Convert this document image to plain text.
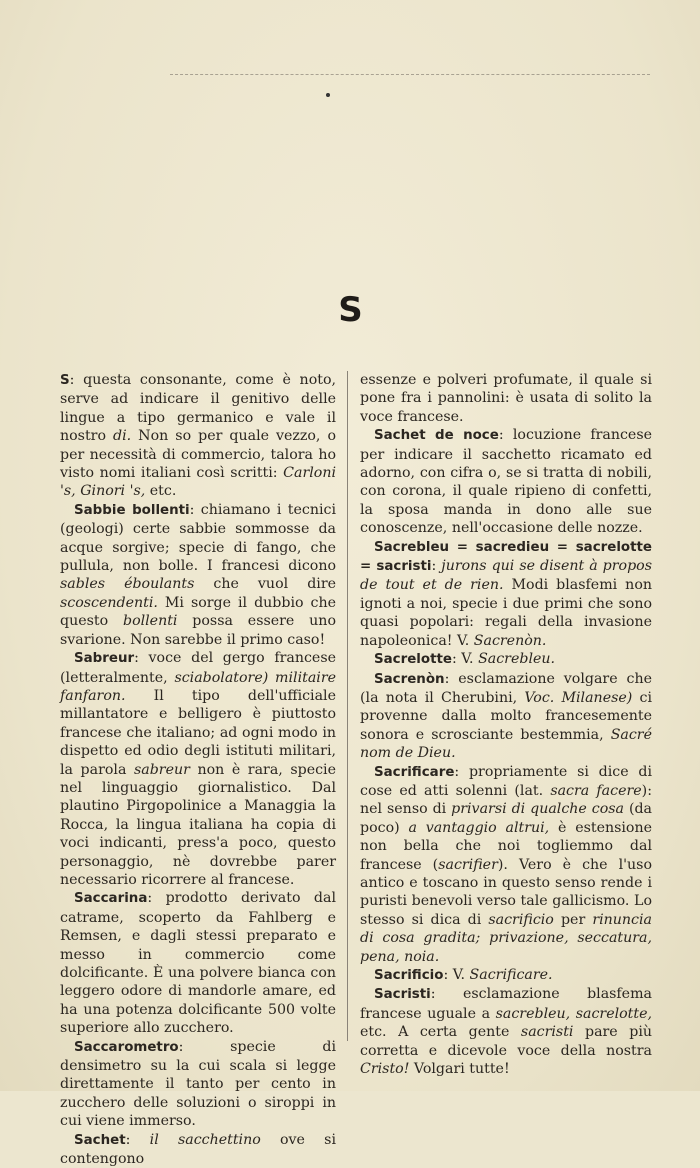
S

S: questa consonante, come è noto, serve ad indicare il genitivo delle lingue a tipo germanico e vale il nostro di. Non so per quale vezzo, o per necessità di commercio, talora ho visto nomi italiani così scritti: Carloni 's, Ginori 's, etc.

Sabbie bollenti: chiamano i tecnici (geologi) certe sabbie sommosse da acque sorgive; specie di fango, che pullula, non bolle. I francesi dicono sables éboulants che vuol dire scoscendenti. Mi sorge il dubbio che questo bollenti possa essere uno svarione. Non sarebbe il primo caso!

Sabreur: voce del gergo francese (letteralmente, sciabolatore) militaire fanfaron. Il tipo dell'ufficiale millantatore e belligero è piuttosto francese che italiano; ad ogni modo in dispetto ed odio degli istituti militari, la parola sabreur non è rara, specie nel linguaggio giornalistico. Dal plautino Pirgopolinice a Managgia la Rocca, la lingua italiana ha copia di voci indicanti, press'a poco, questo personaggio, nè dovrebbe parer necessario ricorrere al francese.

Saccarina: prodotto derivato dal catrame, scoperto da Fahlberg e Remsen, e dagli stessi preparato e messo in commercio come dolcificante. È una polvere bianca con leggero odore di mandorle amare, ed ha una potenza dolcificante 500 volte superiore allo zucchero.

Saccarometro: specie di densimetro su la cui scala si legge direttamente il tanto per cento in zucchero delle soluzioni o siroppi in cui viene immerso.

Sachet: il sacchettino ove si contengono

essenze e polveri profumate, il quale si pone fra i pannolini: è usata di solito la voce francese.

Sachet de noce: locuzione francese per indicare il sacchetto ricamato ed adorno, con cifra o, se si tratta di nobili, con corona, il quale ripieno di confetti, la sposa manda in dono alle sue conoscenze, nell'occasione delle nozze.

Sacrebleu = sacredieu = sacrelotte = sacristi: jurons qui se disent à propos de tout et de rien. Modi blasfemi non ignoti a noi, specie i due primi che sono quasi popolari: regali della invasione napoleonica! V. Sacrenòn.

Sacrelotte: V. Sacrebleu.

Sacrenòn: esclamazione volgare che (la nota il Cherubini, Voc. Milanese) ci provenne dalla molto francesemente sonora e scrosciante bestemmia, Sacré nom de Dieu.

Sacrificare: propriamente si dice di cose ed atti solenni (lat. sacra facere): nel senso di privarsi di qualche cosa (da poco) a vantaggio altrui, è estensione non bella che noi togliemmo dal francese (sacrifier). Vero è che l'uso antico e toscano in questo senso rende i puristi benevoli verso tale gallicismo. Lo stesso si dica di sacrificio per rinuncia di cosa gradita; privazione, seccatura, pena, noia.

Sacrificio: V. Sacrificare.

Sacristi: esclamazione blasfema francese uguale a sacrebleu, sacrelotte, etc. A certa gente sacristi pare più corretta e dicevole voce della nostra Cristo! Volgari tutte!
